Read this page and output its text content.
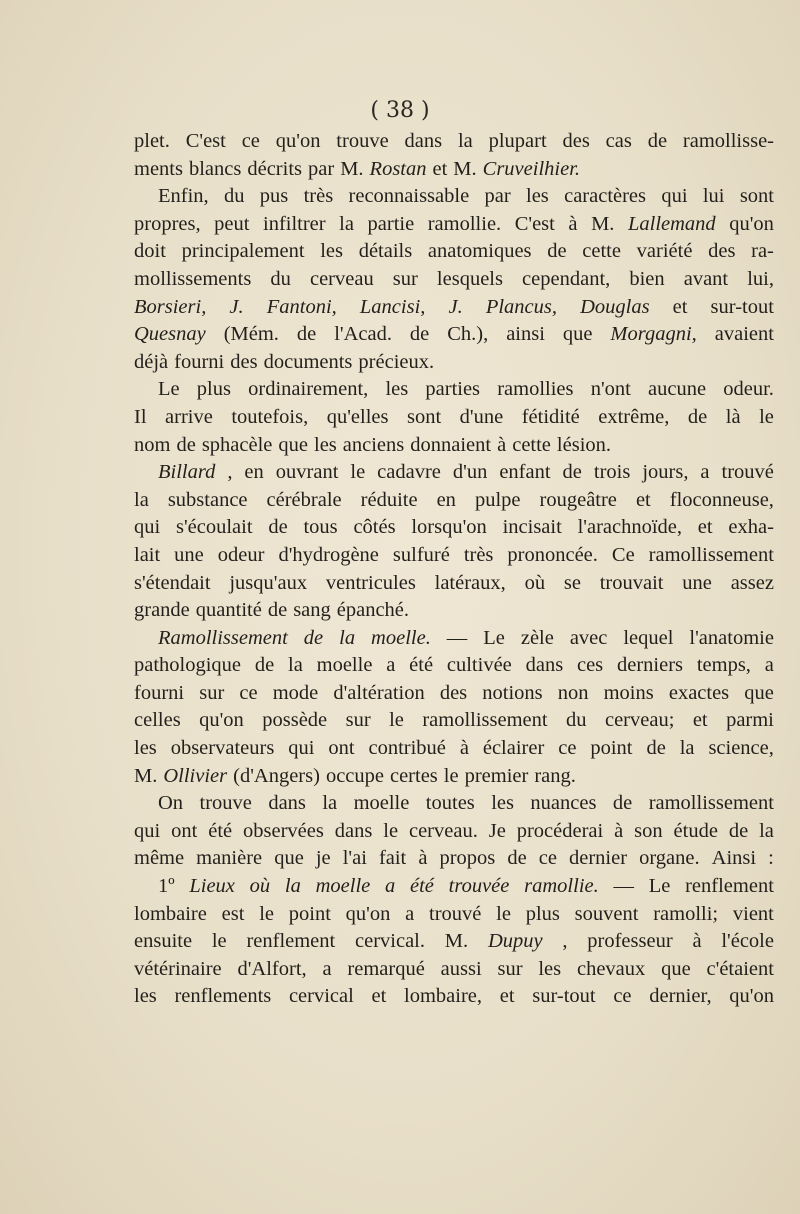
( 38 )
plet. C'est ce qu'on trouve dans la plupart des cas de ramollisse-
ments blancs décrits par M. Rostan et M. Cruveilhier.
Enfin, du pus très reconnaissable par les caractères qui lui sont
propres, peut infiltrer la partie ramollie. C'est à M. Lallemand qu'on
doit principalement les détails anatomiques de cette variété des ra-
mollissements du cerveau sur lesquels cependant, bien avant lui,
Borsieri, J. Fantoni, Lancisi, J. Plancus, Douglas et sur-tout
Quesnay (Mém. de l'Acad. de Ch.), ainsi que Morgagni, avaient
déjà fourni des documents précieux.
Le plus ordinairement, les parties ramollies n'ont aucune odeur.
Il arrive toutefois, qu'elles sont d'une fétidité extrême, de là le
nom de sphacèle que les anciens donnaient à cette lésion.
Billard , en ouvrant le cadavre d'un enfant de trois jours, a trouvé
la substance cérébrale réduite en pulpe rougeâtre et floconneuse,
qui s'écoulait de tous côtés lorsqu'on incisait l'arachnoïde, et exha-
lait une odeur d'hydrogène sulfuré très prononcée. Ce ramollissement
s'étendait jusqu'aux ventricules latéraux, où se trouvait une assez
grande quantité de sang épanché.
Ramollissement de la moelle. — Le zèle avec lequel l'anatomie
pathologique de la moelle a été cultivée dans ces derniers temps, a
fourni sur ce mode d'altération des notions non moins exactes que
celles qu'on possède sur le ramollissement du cerveau; et parmi
les observateurs qui ont contribué à éclairer ce point de la science,
M. Ollivier (d'Angers) occupe certes le premier rang.
On trouve dans la moelle toutes les nuances de ramollissement
qui ont été observées dans le cerveau. Je procéderai à son étude de la
même manière que je l'ai fait à propos de ce dernier organe. Ainsi :
1º Lieux où la moelle a été trouvée ramollie. — Le renflement
lombaire est le point qu'on a trouvé le plus souvent ramolli; vient
ensuite le renflement cervical. M. Dupuy , professeur à l'école
vétérinaire d'Alfort, a remarqué aussi sur les chevaux que c'étaient
les renflements cervical et lombaire, et sur-tout ce dernier, qu'on
